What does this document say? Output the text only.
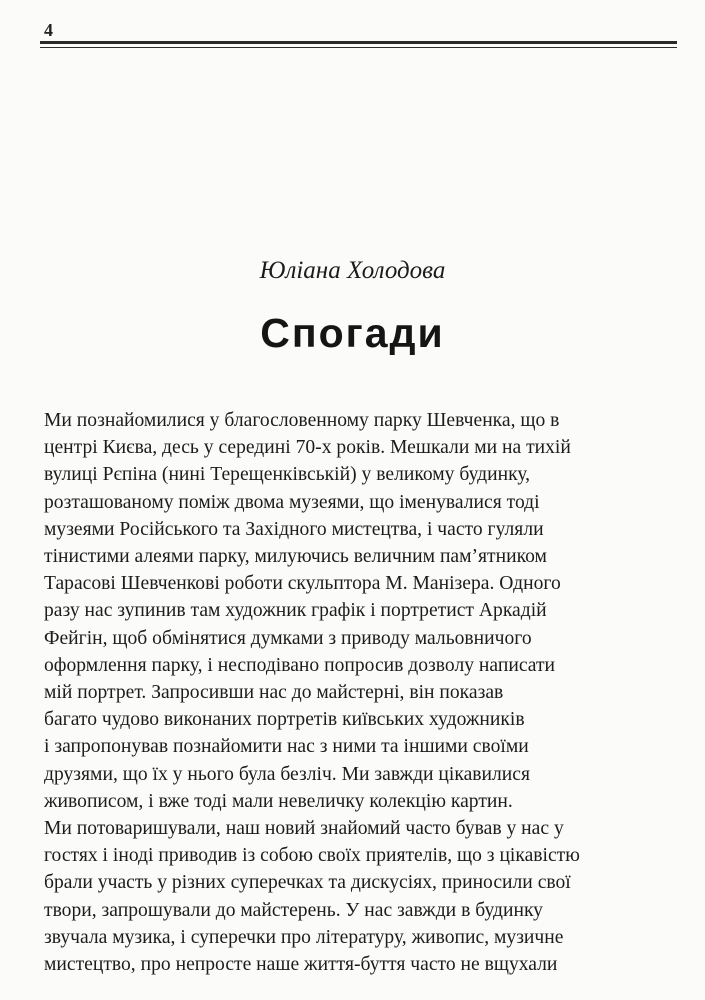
4
Юліана Холодова
Спогади
Ми познайомилися у благословенному парку Шевченка, що в
центрі Києва, десь у середині 70-х років. Мешкали ми на тихій
вулиці Рєпіна (нині Терещенківській) у великому будинку,
розташованому поміж двома музеями, що іменувалися тоді
музеями Російського та Західного мистецтва, і часто гуляли
тінистими алеями парку, милуючись величним пам’ятником
Тарасові Шевченкові роботи скульптора М. Манізера. Одного
разу нас зупинив там художник графік і портретист Аркадій
Фейгін, щоб обмінятися думками з приводу мальовничого
оформлення парку, і несподівано попросив дозволу написати
мій портрет. Запросивши нас до майстерні, він показав
багато чудово виконаних портретів київських художників
і запропонував познайомити нас з ними та іншими своїми
друзями, що їх у нього була безліч. Ми завжди цікавилися
живописом, і вже тоді мали невеличку колекцію картин.
Ми потоваришували, наш новий знайомий часто бував у нас у
гостях і іноді приводив із собою своїх приятелів, що з цікавістю
брали участь у різних суперечках та дискусіях, приносили свої
твори, запрошували до майстерень. У нас завжди в будинку
звучала музика, і суперечки про літературу, живопис, музичне
мистецтво, про непросте наше життя-буття часто не вщухали
